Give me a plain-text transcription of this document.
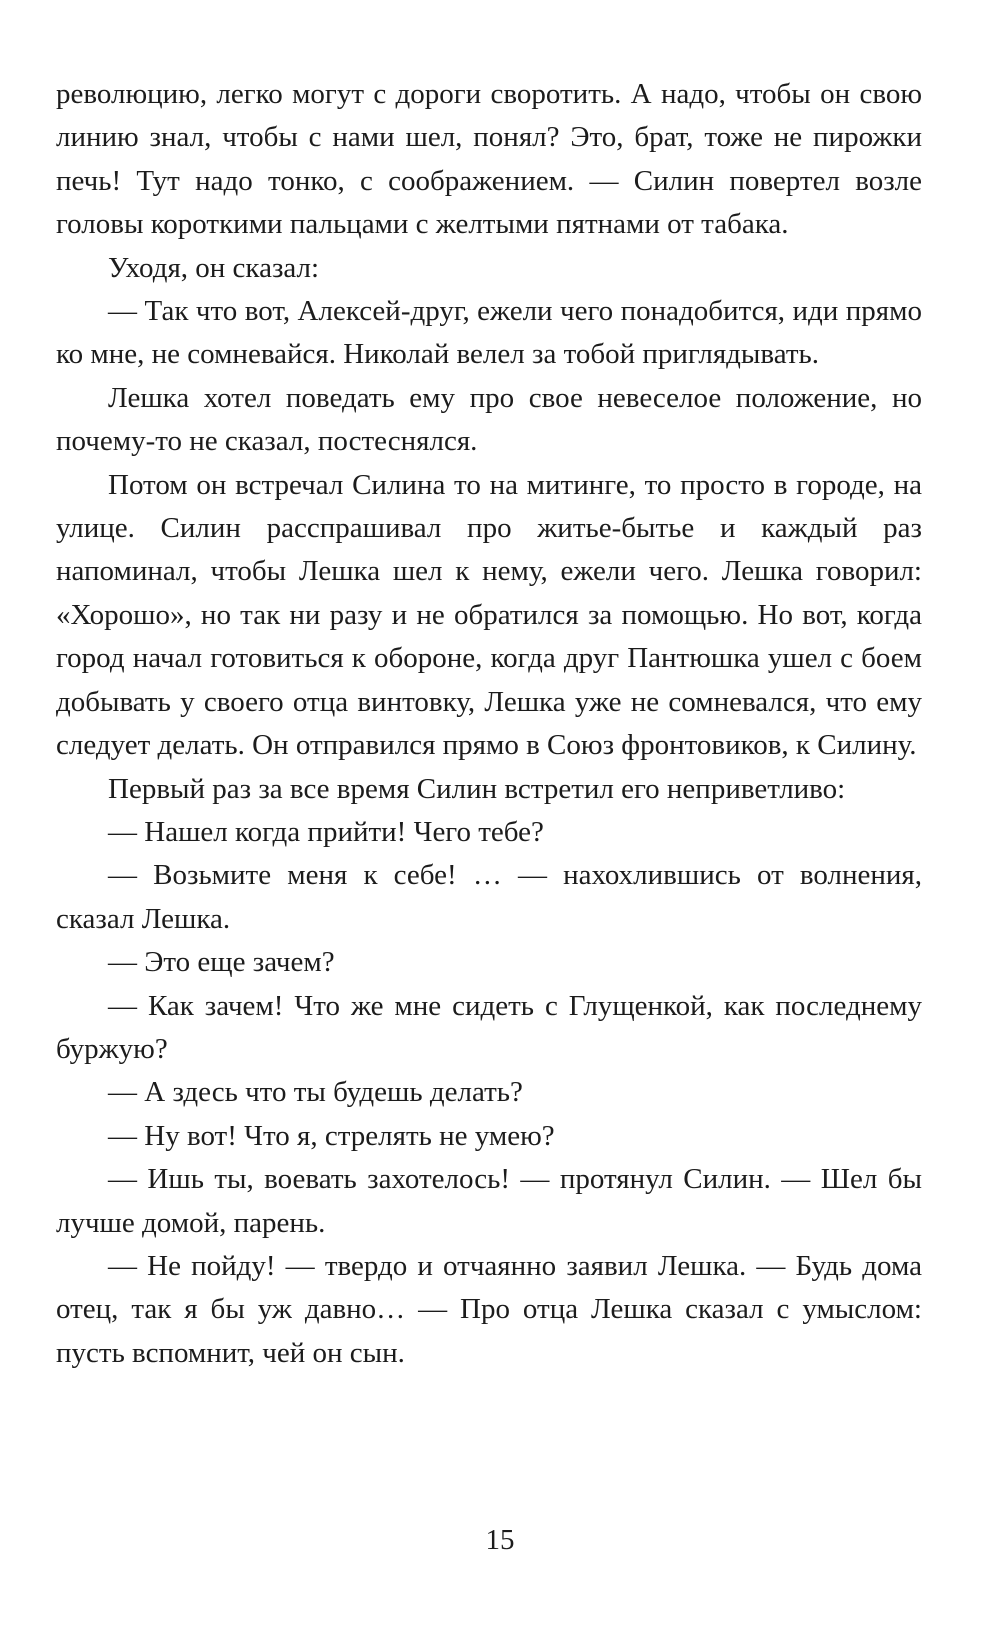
революцию, легко могут с дороги своротить. А надо, чтобы он свою линию знал, чтобы с нами шел, понял? Это, брат, тоже не пирожки печь! Тут надо тонко, с соображением. — Силин повертел возле головы короткими пальцами с желтыми пятнами от табака.

Уходя, он сказал:

— Так что вот, Алексей-друг, ежели чего понадобится, иди прямо ко мне, не сомневайся. Николай велел за тобой приглядывать.

Лешка хотел поведать ему про свое невеселое положение, но почему-то не сказал, постеснялся.

Потом он встречал Силина то на митинге, то просто в городе, на улице. Силин расспрашивал про житье-бытье и каждый раз напоминал, чтобы Лешка шел к нему, ежели чего. Лешка говорил: «Хорошо», но так ни разу и не обратился за помощью. Но вот, когда город начал готовиться к обороне, когда друг Пантюшка ушел с боем добывать у своего отца винтовку, Лешка уже не сомневался, что ему следует делать. Он отправился прямо в Союз фронтовиков, к Силину.

Первый раз за все время Силин встретил его неприветливо:

— Нашел когда прийти! Чего тебе?

— Возьмите меня к себе! … — нахохлившись от волнения, сказал Лешка.

— Это еще зачем?

— Как зачем! Что же мне сидеть с Глущенкой, как последнему буржую?

— А здесь что ты будешь делать?

— Ну вот! Что я, стрелять не умею?

— Ишь ты, воевать захотелось! — протянул Силин. — Шел бы лучше домой, парень.

— Не пойду! — твердо и отчаянно заявил Лешка. — Будь дома отец, так я бы уж давно… — Про отца Лешка сказал с умыслом: пусть вспомнит, чей он сын.

15
